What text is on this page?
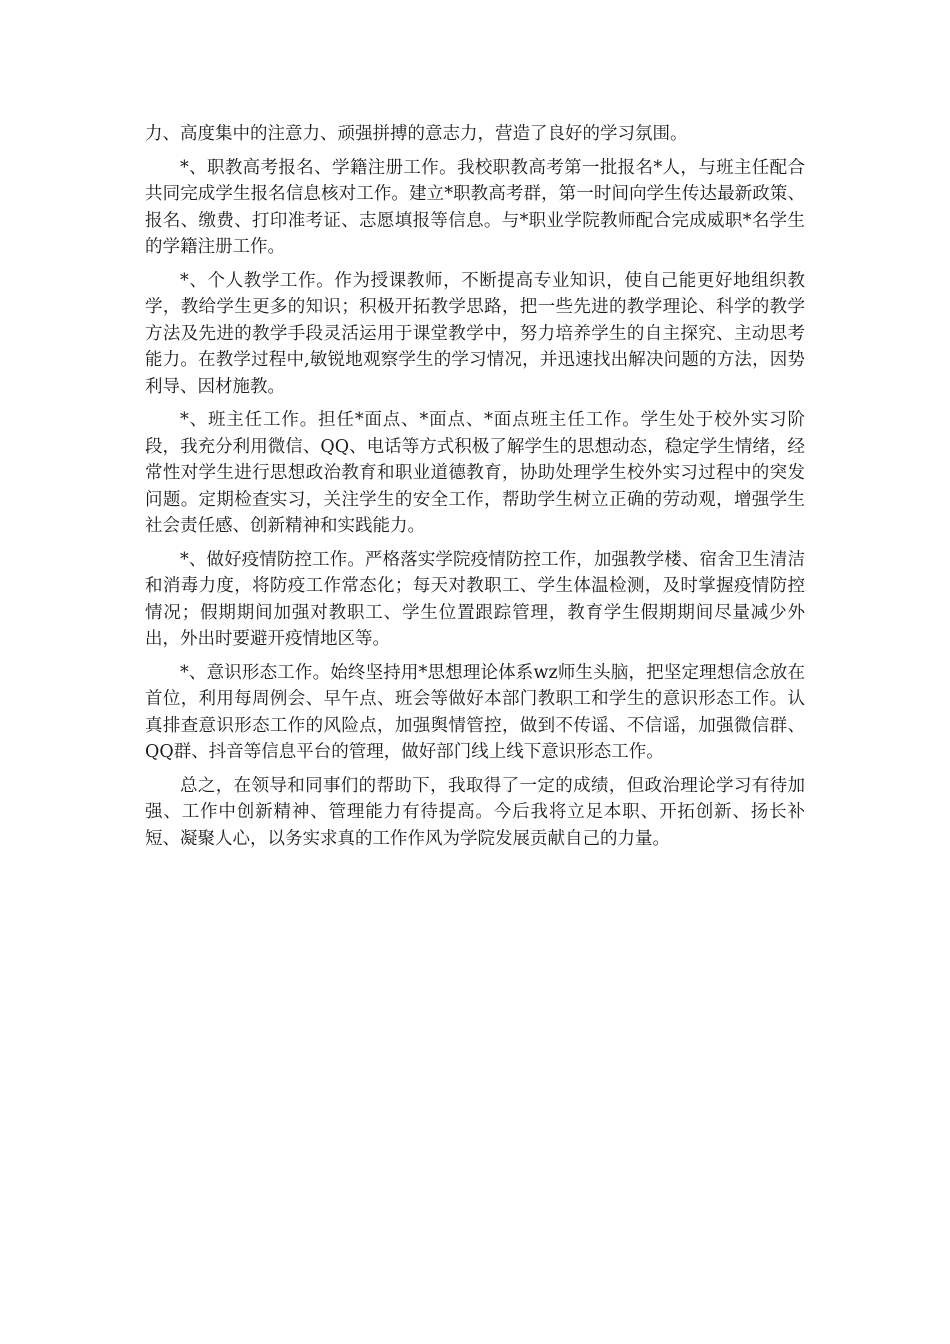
力、高度集中的注意力、顽强拼搏的意志力，营造了良好的学习氛围。

*、职教高考报名、学籍注册工作。我校职教高考第一批报名*人，与班主任配合共同完成学生报名信息核对工作。建立*职教高考群，第一时间向学生传达最新政策、报名、缴费、打印准考证、志愿填报等信息。与*职业学院教师配合完成威职*名学生的学籍注册工作。

*、个人教学工作。作为授课教师，不断提高专业知识，使自己能更好地组织教学，教给学生更多的知识；积极开拓教学思路，把一些先进的教学理论、科学的教学方法及先进的教学手段灵活运用于课堂教学中，努力培养学生的自主探究、主动思考能力。在教学过程中,敏锐地观察学生的学习情况，并迅速找出解决问题的方法，因势利导、因材施教。

*、班主任工作。担任*面点、*面点、*面点班主任工作。学生处于校外实习阶段，我充分利用微信、QQ、电话等方式积极了解学生的思想动态，稳定学生情绪，经常性对学生进行思想政治教育和职业道德教育，协助处理学生校外实习过程中的突发问题。定期检查实习，关注学生的安全工作，帮助学生树立正确的劳动观，增强学生社会责任感、创新精神和实践能力。

*、做好疫情防控工作。严格落实学院疫情防控工作，加强教学楼、宿舍卫生清洁和消毒力度，将防疫工作常态化；每天对教职工、学生体温检测，及时掌握疫情防控情况；假期期间加强对教职工、学生位置跟踪管理，教育学生假期期间尽量减少外出，外出时要避开疫情地区等。

*、意识形态工作。始终坚持用*思想理论体系wz师生头脑，把坚定理想信念放在首位，利用每周例会、早午点、班会等做好本部门教职工和学生的意识形态工作。认真排查意识形态工作的风险点，加强舆情管控，做到不传谣、不信谣，加强微信群、QQ群、抖音等信息平台的管理，做好部门线上线下意识形态工作。

总之，在领导和同事们的帮助下，我取得了一定的成绩，但政治理论学习有待加强、工作中创新精神、管理能力有待提高。今后我将立足本职、开拓创新、扬长补短、凝聚人心，以务实求真的工作作风为学院发展贡献自己的力量。
